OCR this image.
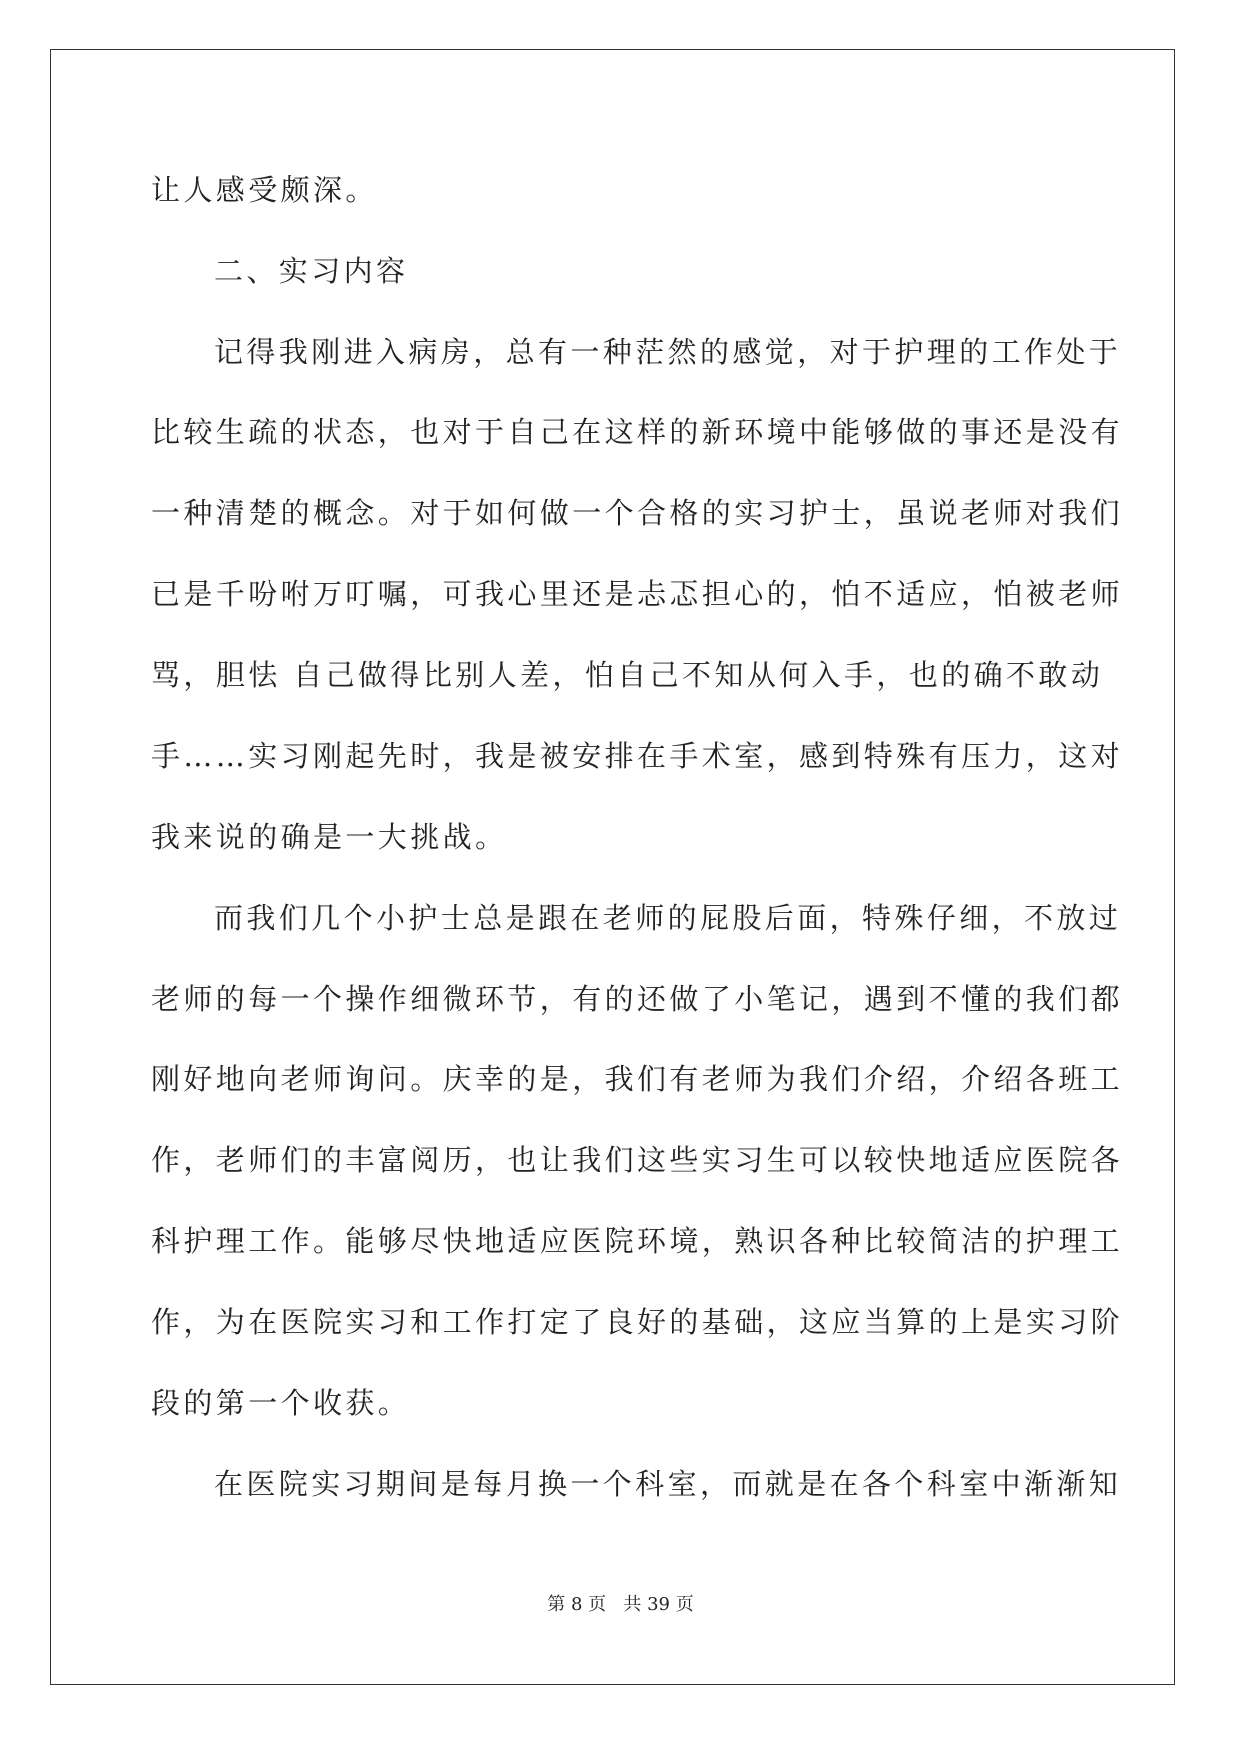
让人感受颇深。
二、实习内容
记得我刚进入病房，总有一种茫然的感觉，对于护理的工作处于
比较生疏的状态，也对于自己在这样的新环境中能够做的事还是没有
一种清楚的概念。对于如何做一个合格的实习护士，虽说老师对我们
已是千吩咐万叮嘱，可我心里还是忐忑担心的，怕不适应，怕被老师
骂，胆怯 自己做得比别人差，怕自己不知从何入手，也的确不敢动
手……实习刚起先时，我是被安排在手术室，感到特殊有压力，这对
我来说的确是一大挑战。
而我们几个小护士总是跟在老师的屁股后面，特殊仔细，不放过
老师的每一个操作细微环节，有的还做了小笔记，遇到不懂的我们都
刚好地向老师询问。庆幸的是，我们有老师为我们介绍，介绍各班工
作，老师们的丰富阅历，也让我们这些实习生可以较快地适应医院各
科护理工作。能够尽快地适应医院环境，熟识各种比较简洁的护理工
作，为在医院实习和工作打定了良好的基础，这应当算的上是实习阶
段的第一个收获。
在医院实习期间是每月换一个科室，而就是在各个科室中渐渐知
第 8 页 共 39 页
